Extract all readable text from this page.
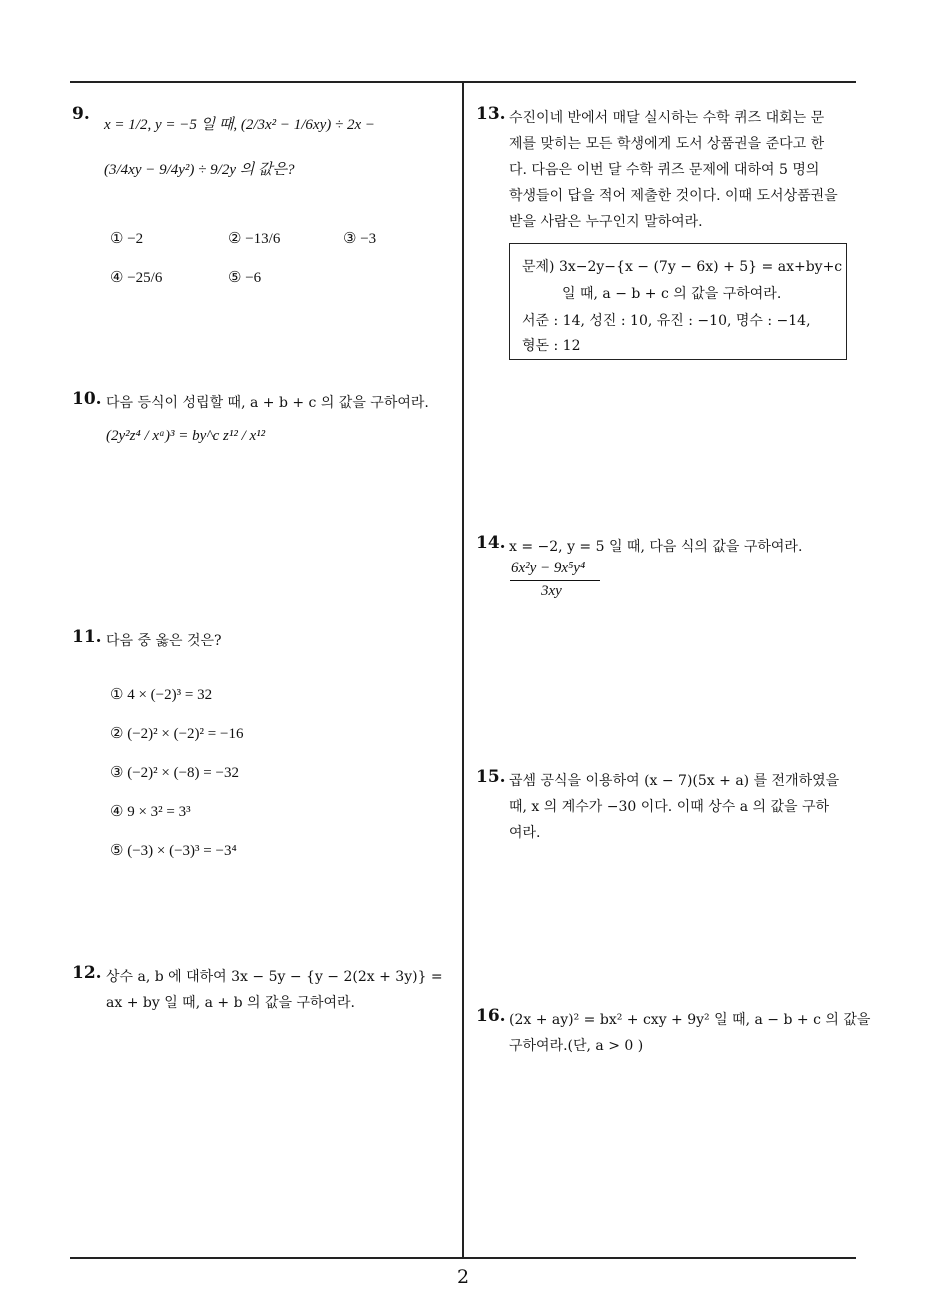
9.
x = 1/2, y = −5 일 때, (2/3x² − 1/6xy) ÷ 2x −
(3/4xy − 9/4y²) ÷ 9/2y 의 값은?
① −2	② −13/6	③ −3
④ −25/6	⑤ −6
10. 다음 등식이 성립할 때, a + b + c 의 값을 구하여라.
(2y²z⁴ / xᵃ)³ = by^c z¹² / x¹²
11. 다음 중 옳은 것은?
① 4 × (−2)³ = 32
② (−2)² × (−2)² = −16
③ (−2)² × (−8) = −32
④ 9 × 3² = 3³
⑤ (−3) × (−3)³ = −3⁴
12. 상수 a, b 에 대하여 3x − 5y − {y − 2(2x + 3y)} =
ax + by 일 때, a + b 의 값을 구하여라.
13. 수진이네 반에서 매달 실시하는 수학 퀴즈 대회는 문
제를 맞히는 모든 학생에게 도서 상품권을 준다고 한
다. 다음은 이번 달 수학 퀴즈 문제에 대하여 5 명의
학생들이 답을 적어 제출한 것이다. 이때 도서상품권을
받을 사람은 누구인지 말하여라.
문제) 3x−2y−{x − (7y − 6x) + 5} = ax+by+c
일 때, a − b + c 의 값을 구하여라.
서준 : 14, 성진 : 10, 유진 : −10, 명수 : −14,
형돈 : 12
14. x = −2, y = 5 일 때, 다음 식의 값을 구하여라.
6x²y − 9x⁵y⁴
3xy
15. 곱셈 공식을 이용하여 (x − 7)(5x + a) 를 전개하였을
때, x 의 계수가 −30 이다. 이때 상수 a 의 값을 구하
여라.
16. (2x + ay)² = bx² + cxy + 9y² 일 때, a − b + c 의 값을
구하여라.(단, a > 0 )
2
